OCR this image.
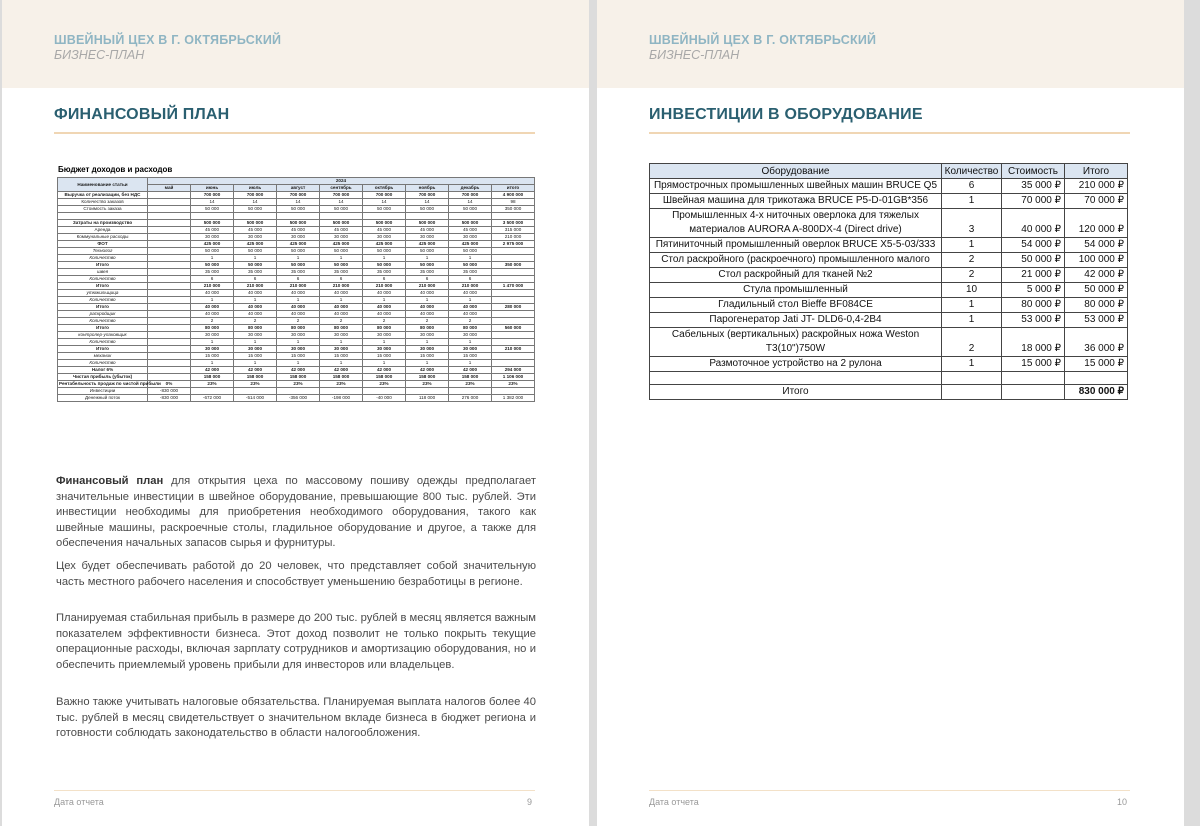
ШВЕЙНЫЙ ЦЕХ В Г. ОКТЯБРЬСКИЙ
БИЗНЕС-ПЛАН
ФИНАНСОВЫЙ ПЛАН
Бюджет доходов и расходов
Наименование статьи	2024								
	май	июнь	июль	август	сентябрь	октябрь	ноябрь	декабрь	итого
Выручка от реализации, без НДС		700 000	700 000	700 000	700 000	700 000	700 000	700 000	4 900 000
Количество заказов		14	14	14	14	14	14	14	98
Стоимость заказа		50 000	50 000	50 000	50 000	50 000	50 000	50 000	350 000

Затраты на производство		500 000	500 000	500 000	500 000	500 000	500 000	500 000	3 500 000
Аренда		45 000	45 000	45 000	45 000	45 000	45 000	45 000	315 000
Коммунальные расходы		30 000	30 000	30 000	30 000	30 000	30 000	30 000	210 000
ФОТ		425 000	425 000	425 000	425 000	425 000	425 000	425 000	2 975 000
Технолог		50 000	50 000	50 000	50 000	50 000	50 000	50 000	
Количество		1	1	1	1	1	1	1	
Итого		50 000	50 000	50 000	50 000	50 000	50 000	50 000	350 000
швея		35 000	35 000	35 000	35 000	35 000	35 000	35 000	
Количество		6	6	6	6	6	6	6	
Итого		210 000	210 000	210 000	210 000	210 000	210 000	210 000	1 470 000
утюжильщица		40 000	40 000	40 000	40 000	40 000	40 000	40 000	
Количество		1	1	1	1	1	1	1	
Итого		40 000	40 000	40 000	40 000	40 000	40 000	40 000	280 000
раскройщик		40 000	40 000	40 000	40 000	40 000	40 000	40 000	
Количество		2	2	2	2	2	2	2	
Итого		80 000	80 000	80 000	80 000	80 000	80 000	80 000	560 000
контролер-упаковщик		30 000	30 000	30 000	30 000	30 000	30 000	30 000	
Количество		1	1	1	1	1	1	1	
Итого		30 000	30 000	30 000	30 000	30 000	30 000	30 000	210 000
механик		15 000	15 000	15 000	15 000	15 000	15 000	15 000	
Количество		1	1	1	1	1	1	1	
Налог 6%		42 000	42 000	42 000	42 000	42 000	42 000	42 000	294 000
Чистая прибыль (убыток)		158 000	158 000	158 000	158 000	158 000	158 000	158 000	1 106 000
Рентабельность продаж по чистой прибыли	0%	23%	23%	23%	23%	23%	23%	23%	23%
Инвестиции	-830 000								
Денежный поток	-830 000	-672 000	-514 000	-356 000	-198 000	-40 000	118 000	276 000	1 382 000

Финансовый план для открытия цеха по массовому пошиву одежды предполагает значительные инвестиции в швейное оборудование, превышающие 800 тыс. рублей. Эти инвестиции необходимы для приобретения необходимого оборудования, такого как швейные машины, раскроечные столы, гладильное оборудование и другое, а также для обеспечения начальных запасов сырья и фурнитуры.

Цех будет обеспечивать работой до 20 человек, что представляет собой значительную часть местного рабочего населения и способствует уменьшению безработицы в регионе.

Планируемая стабильная прибыль в размере до 200 тыс. рублей в месяц является важным показателем эффективности бизнеса. Этот доход позволит не только покрыть текущие операционные расходы, включая зарплату сотрудников и амортизацию оборудования, но и обеспечить приемлемый уровень прибыли для инвесторов или владельцев.

Важно также учитывать налоговые обязательства. Планируемая выплата налогов более 40 тыс. рублей в месяц свидетельствует о значительном вкладе бизнеса в бюджет региона и готовности соблюдать законодательство в области налогообложения.

Дата отчета	9
ШВЕЙНЫЙ ЦЕХ В Г. ОКТЯБРЬСКИЙ
БИЗНЕС-ПЛАН
ИНВЕСТИЦИИ В ОБОРУДОВАНИЕ
Оборудование	Количество	Стоимость	Итого
Прямострочных промышленных швейных машин BRUCE Q5	6	35 000 ₽	210 000 ₽
Швейная машина для трикотажа BRUCE P5-D-01GB*356	1	70 000 ₽	70 000 ₽
Промышленных 4-х ниточных оверлока для тяжелых материалов AURORA A-800DX-4 (Direct drive)	3	40 000 ₽	120 000 ₽
Пятиниточный промышленный оверлок BRUCE X5-5-03/333	1	54 000 ₽	54 000 ₽
Стол раскройного (раскроечного) промышленного малого	2	50 000 ₽	100 000 ₽
Стол раскройный для тканей №2	2	21 000 ₽	42 000 ₽
Стула промышленный	10	5 000 ₽	50 000 ₽
Гладильный стол Bieffe BF084CE	1	80 000 ₽	80 000 ₽
Парогенератор Jati JT- DLD6-0,4-2B4	1	53 000 ₽	53 000 ₽
Сабельных (вертикальных) раскройных ножа Weston T3(10")750W	2	18 000 ₽	36 000 ₽
Размоточное устройство на 2 рулона	1	15 000 ₽	15 000 ₽

Итого			830 000 ₽
Дата отчета	10
